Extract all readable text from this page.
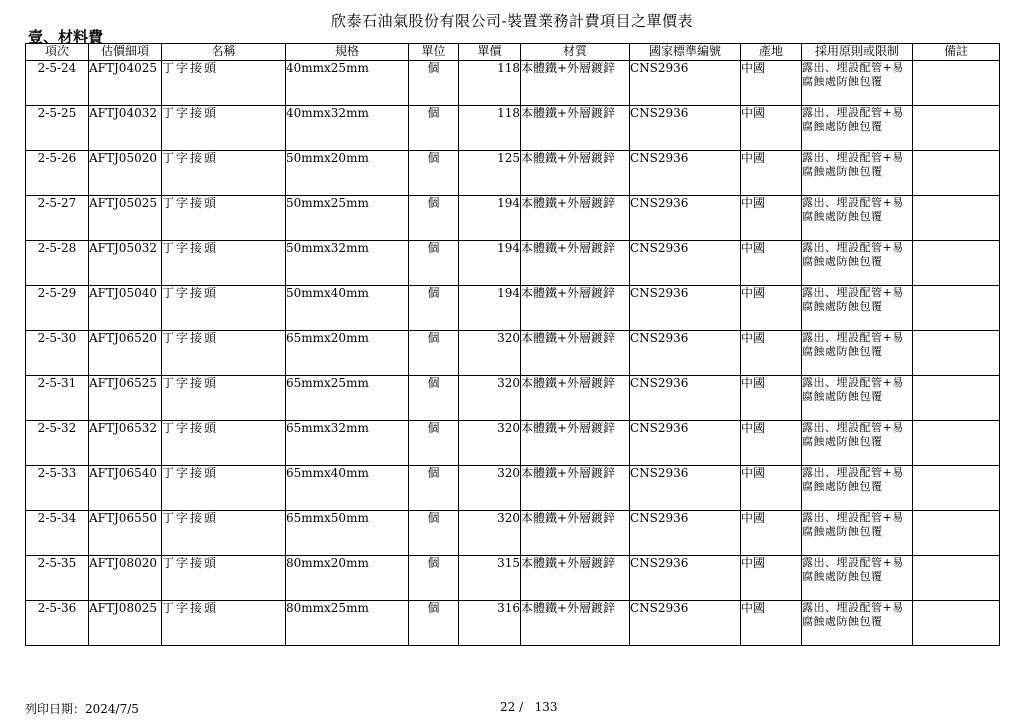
欣泰石油氣股份有限公司-裝置業務計費項目之單價表
壹、材料費
項次	估價細項	名稱	規格	單位	單價	材質	國家標準編號	產地	採用原則或限制	備註
2-5-24	AFTJ04025	丁字接頭	40mmx25mm	個	118	本體鐵+外層鍍鋅	CNS2936	中國	露出、埋設配管+易腐蝕處防蝕包覆	
2-5-25	AFTJ04032	丁字接頭	40mmx32mm	個	118	本體鐵+外層鍍鋅	CNS2936	中國	露出、埋設配管+易腐蝕處防蝕包覆	
2-5-26	AFTJ05020	丁字接頭	50mmx20mm	個	125	本體鐵+外層鍍鋅	CNS2936	中國	露出、埋設配管+易腐蝕處防蝕包覆	
2-5-27	AFTJ05025	丁字接頭	50mmx25mm	個	194	本體鐵+外層鍍鋅	CNS2936	中國	露出、埋設配管+易腐蝕處防蝕包覆	
2-5-28	AFTJ05032	丁字接頭	50mmx32mm	個	194	本體鐵+外層鍍鋅	CNS2936	中國	露出、埋設配管+易腐蝕處防蝕包覆	
2-5-29	AFTJ05040	丁字接頭	50mmx40mm	個	194	本體鐵+外層鍍鋅	CNS2936	中國	露出、埋設配管+易腐蝕處防蝕包覆	
2-5-30	AFTJ06520	丁字接頭	65mmx20mm	個	320	本體鐵+外層鍍鋅	CNS2936	中國	露出、埋設配管+易腐蝕處防蝕包覆	
2-5-31	AFTJ06525	丁字接頭	65mmx25mm	個	320	本體鐵+外層鍍鋅	CNS2936	中國	露出、埋設配管+易腐蝕處防蝕包覆	
2-5-32	AFTJ06532	丁字接頭	65mmx32mm	個	320	本體鐵+外層鍍鋅	CNS2936	中國	露出、埋設配管+易腐蝕處防蝕包覆	
2-5-33	AFTJ06540	丁字接頭	65mmx40mm	個	320	本體鐵+外層鍍鋅	CNS2936	中國	露出、埋設配管+易腐蝕處防蝕包覆	
2-5-34	AFTJ06550	丁字接頭	65mmx50mm	個	320	本體鐵+外層鍍鋅	CNS2936	中國	露出、埋設配管+易腐蝕處防蝕包覆	
2-5-35	AFTJ08020	丁字接頭	80mmx20mm	個	315	本體鐵+外層鍍鋅	CNS2936	中國	露出、埋設配管+易腐蝕處防蝕包覆	
2-5-36	AFTJ08025	丁字接頭	80mmx25mm	個	316	本體鐵+外層鍍鋅	CNS2936	中國	露出、埋設配管+易腐蝕處防蝕包覆	
列印日期：2024/7/5	22 /   133
